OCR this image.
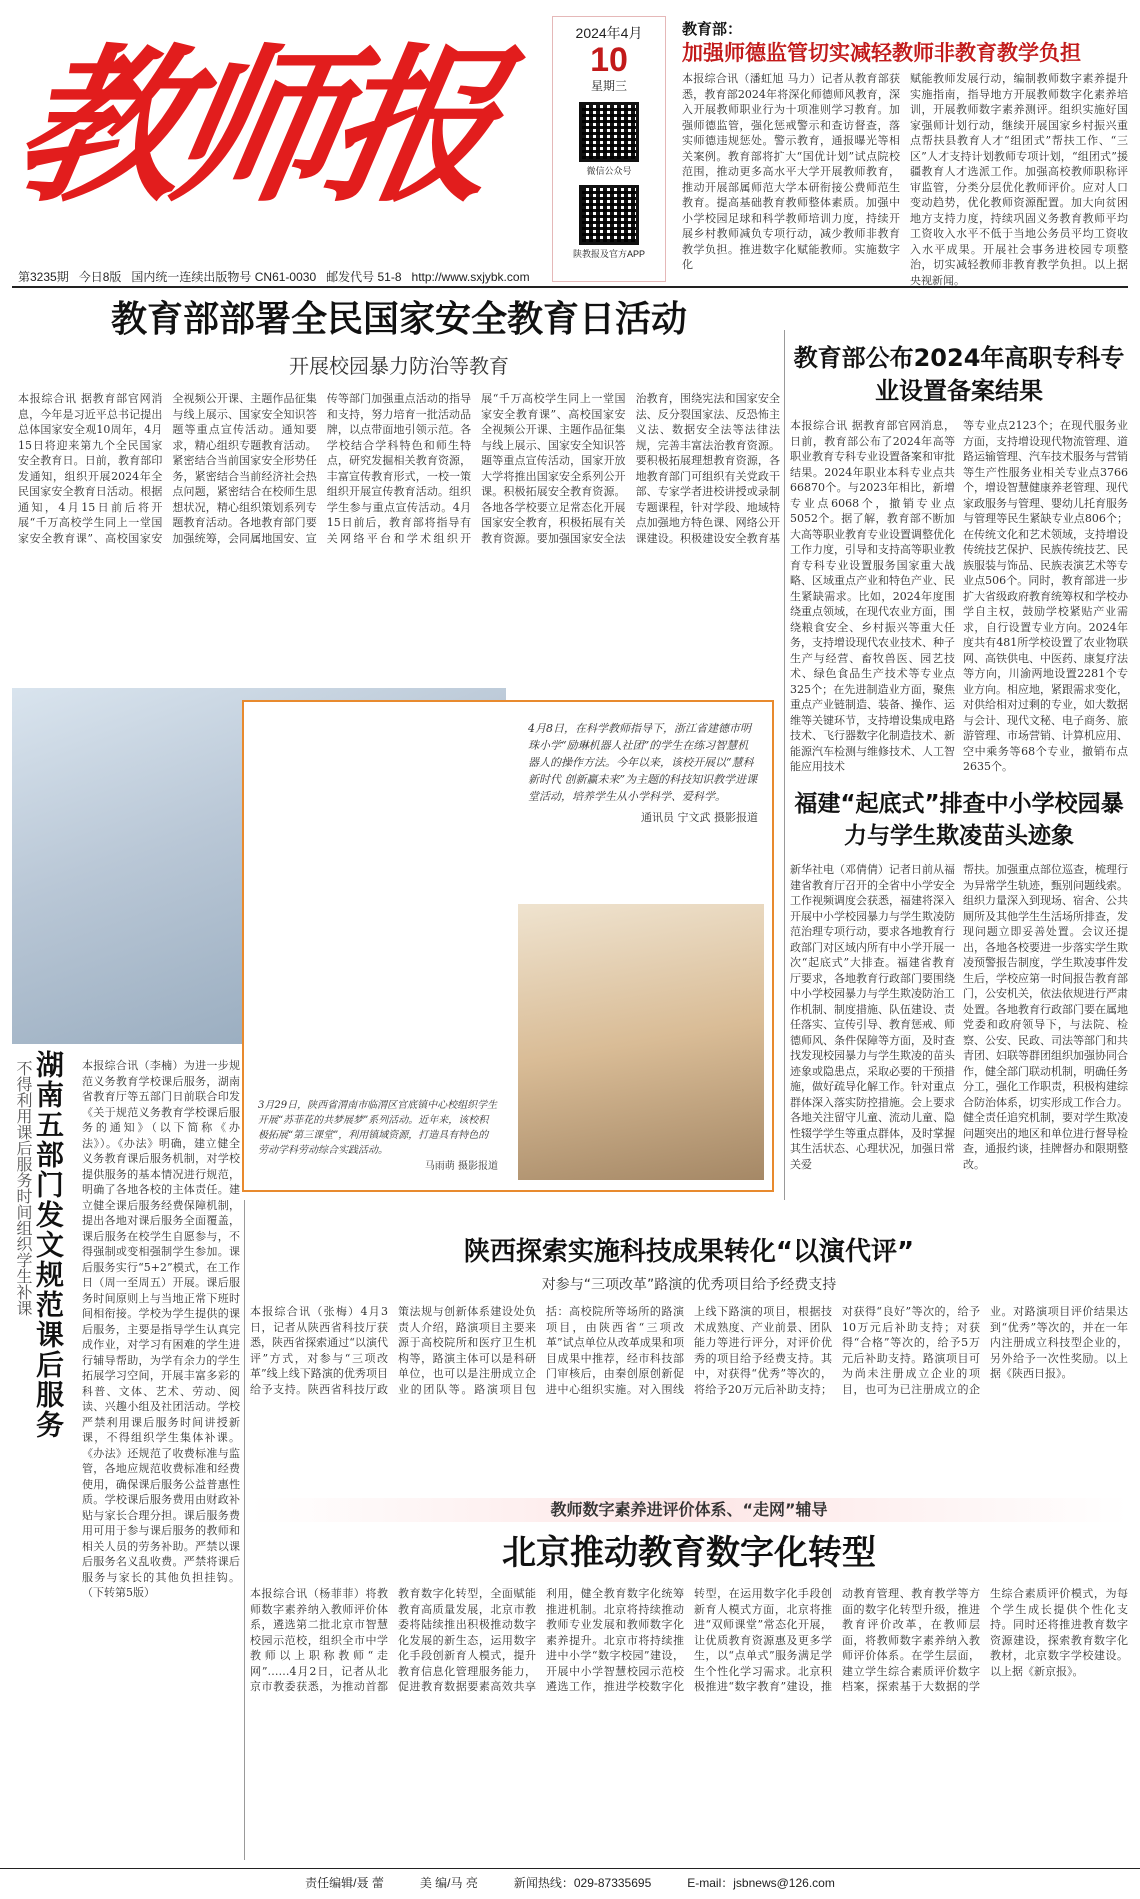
教师报	2024年4月
10
星期三
微信公众号
陕教报及官方APP
第3235期 今日8版 国内统一连续出版物号 CN61-0030 邮发代号 51-8 http://www.sxjybk.com
教育部：
加强师德监管切实减轻教师非教育教学负担
本报综合讯（潘虹旭 马力）记者从教育部获悉，教育部2024年将深化师德师风教育，深入开展教师职业行为十项准则学习教育。加强师德监管，强化惩戒警示和查访督查，落实师德违规惩处。警示教育，通报曝光等相关案例。教育部将扩大“国优计划”试点院校范围，推动更多高水平大学开展教师教育，推动开展部属师范大学本研衔接公费师范生教育。提高基础教育教师整体素质。加强中小学校园足球和科学教师培训力度，持续开展乡村教师减负专项行动，减少教师非教育教学负担。推进数字化赋能教师。实施数字化
赋能教师发展行动，编制教师数字素养提升实施指南，指导地方开展教师数字化素养培训，开展教师数字素养测评。组织实施好国家强师计划行动，继续开展国家乡村振兴重点帮扶县教育人才“组团式”帮扶工作、“三区”人才支持计划教师专项计划，“组团式”援疆教育人才选派工作。加强高校教师职称评审监管，分类分层优化教师评价。应对人口变动趋势，优化教师资源配置。加大向贫困地方支持力度，持续巩固义务教育教师平均工资收入水平不低于当地公务员平均工资收入水平成果。开展社会事务进校园专项整治，切实减轻教师非教育教学负担。以上据央视新闻。
教育部部署全民国家安全教育日活动
开展校园暴力防治等教育
本报综合讯 据教育部官网消息，今年是习近平总书记提出总体国家安全观10周年，4月15日将迎来第九个全民国家安全教育日。日前，教育部印发通知，组织开展2024年全民国家安全教育日活动。根据通知，4月15日前后将开展“千万高校学生同上一堂国家安全教育课”、高校国家安全视频公开课、主题作品征集与线上展示、国家安全知识答题等重点宣传活动。通知要求，精心组织专题教育活动。紧密结合当前国家安全形势任务，紧密结合当前经济社会热点问题，紧密结合在校师生思想状况，精心组织策划系列专题教育活动。各地教育部门要加强统筹，会同属地国安、宣传等部门加强重点活动的指导和支持，努力培育一批活动品牌，以点带面地引领示范。各学校结合学科特色和师生特点，研究发掘相关教育资源，丰富宣传教育形式，一校一策组织开展宣传教育活动。组织学生参与重点宣传活动。4月15日前后，教育部将指导有关网络平台和学术组织开展“千万高校学生同上一堂国家安全教育课”、高校国家安全视频公开课、主题作品征集与线上展示、国家安全知识答题等重点宣传活动，国家开放大学将推出国家安全系列公开课。积极拓展安全教育资源。各地各学校要立足常态化开展国家安全教育，积极拓展有关教育资源。要加强国家安全法治教育，围绕宪法和国家安全法、反分裂国家法、反恐怖主义法、数据安全法等法律法规，完善丰富法治教育资源。要积极拓展理想教育资源，各地教育部门可组织有关党政干部、专家学者进校讲授或录制专题课程，针对学段、地域特点加强地方特色课、网络公开课建设。积极建设安全教育基
4月8日，在科学教师指导下，浙江省建德市明珠小学“励琳机器人社团”的学生在练习智慧机器人的操作方法。今年以来，该校开展以“慧科新时代 创新赢未来”为主题的科技知识教学进课堂活动，培养学生从小学科学、爱科学。
通讯员 宁文武 摄影报道
3月29日，陕西省渭南市临渭区官底镇中心校组织学生开展“苏菲花的共梦展梦”系列活动。近年来，该校积极拓展“第三课堂”，利用镇域资源，打造具有特色的劳动学科劳动综合实践活动。
马雨萌 摄影报道
教育部公布2024年高职专科专业设置备案结果
本报综合讯 据教育部官网消息，日前，教育部公布了2024年高等职业教育专科专业设置备案和审批结果。2024年职业本科专业点共66870个。与2023年相比，新增专业点6068个，撤销专业点5052个。据了解，教育部不断加大高等职业教育专业设置调整优化工作力度，引导和支持高等职业教育专科专业设置服务国家重大战略、区域重点产业和特色产业、民生紧缺需求。比如，2024年度围绕重点领域，在现代农业方面，围绕粮食安全、乡村振兴等重大任务，支持增设现代农业技术、种子生产与经营、畜牧兽医、园艺技术、绿色食品生产技术等专业点325个；在先进制造业方面，聚焦重点产业链制造、装备、操作、运维等关键环节，支持增设集成电路技术、飞行器数字化制造技术、新能源汽车检测与维修技术、人工智能应用技术
等专业点2123个；在现代服务业方面，支持增设现代物流管理、道路运输管理、汽车技术服务与营销等生产性服务业相关专业点3766个，增设智慧健康养老管理、现代家政服务与管理、婴幼儿托育服务与管理等民生紧缺专业点806个；在传统文化和艺术领域，支持增设传统技艺保护、民族传统技艺、民族服装与饰品、民族表演艺术等专业点506个。同时，教育部进一步扩大省级政府教育统筹权和学校办学自主权，鼓励学校紧贴产业需求，自行设置专业方向。2024年度共有481所学校设置了农业物联网、高铁供电、中医药、康复疗法等方向，川渝两地设置2281个专业方向。相应地，紧跟需求变化，对供给相对过剩的专业，如大数据与会计、现代文秘、电子商务、旅游管理、市场营销、计算机应用、空中乘务等68个专业，撤销布点2635个。
福建“起底式”排查中小学校园暴力与学生欺凌苗头迹象
新华社电（邓倩倩）记者日前从福建省教育厅召开的全省中小学安全工作视频调度会获悉，福建将深入开展中小学校园暴力与学生欺凌防范治理专项行动，要求各地教育行政部门对区域内所有中小学开展一次“起底式”大排查。福建省教育厅要求，各地教育行政部门要围绕中小学校园暴力与学生欺凌防治工作机制、制度措施、队伍建设、责任落实、宣传引导、教育惩戒、师德师风、条件保障等方面，及时查找发现校园暴力与学生欺凌的苗头迹象或隐患点，采取必要的干预措施，做好疏导化解工作。针对重点群体深入落实防控措施。会上要求各地关注留守儿童、流动儿童、隐性辍学学生等重点群体，及时掌握其生活状态、心理状况，加强日常关爱
帮扶。加强重点部位巡查，梳理行为异常学生轨迹，甄别问题线索。组织力量深入到现场、宿舍、公共厕所及其他学生生活场所排查，发现问题立即妥善处置。会议还提出，各地各校要进一步落实学生欺凌预警报告制度，学生欺凌事件发生后，学校应第一时间报告教育部门，公安机关，依法依规进行严肃处置。各地教育行政部门要在属地党委和政府领导下，与法院、检察、公安、民政、司法等部门和共青团、妇联等群团组织加强协同合作，健全部门联动机制，明确任务分工，强化工作职责，积极构建综合防治体系，切实形成工作合力。健全责任追究机制，要对学生欺凌问题突出的地区和单位进行督导检查，通报约谈，挂牌督办和限期整改。
湖南五部门发文规范课后服务
不得利用课后服务时间组织学生补课	本报综合讯（李楠）为进一步规范义务教育学校课后服务，湖南省教育厅等五部门日前联合印发《关于规范义务教育学校课后服务的通知》（以下简称《办法》）。《办法》明确，建立健全义务教育课后服务机制，对学校提供服务的基本情况进行规范，明确了各地各校的主体责任。建立健全课后服务经费保障机制，提出各地对课后服务全面覆盖，课后服务在校学生自愿参与，不得强制或变相强制学生参加。课后服务实行“5+2”模式，在工作日（周一至周五）开展。课后服务时间原则上与当地正常下班时间相衔接。学校为学生提供的课后服务，主要是指导学生认真完成作业，对学习有困难的学生进行辅导帮助，为学有余力的学生拓展学习空间，开展丰富多彩的科普、文体、艺术、劳动、阅读、兴趣小组及社团活动。学校严禁利用课后服务时间讲授新课，不得组织学生集体补课。《办法》还规范了收费标准与监管，各地应规范收费标准和经费使用，确保课后服务公益普惠性质。学校课后服务费用由财政补贴与家长合理分担。课后服务费用可用于参与课后服务的教师和相关人员的劳务补助。严禁以课后服务名义乱收费。严禁将课后服务与家长的其他负担挂钩。（下转第5版）
陕西探索实施科技成果转化“以演代评”
对参与“三项改革”路演的优秀项目给予经费支持
本报综合讯（张梅）4月3日，记者从陕西省科技厅获悉，陕西省探索通过“以演代评”方式，对参与“三项改革”线上线下路演的优秀项目给予支持。陕西省科技厅政策法规与创新体系建设处负责人介绍，路演项目主要来源于高校院所和医疗卫生机构等，路演主体可以是科研单位，也可以是注册成立企业的团队等。路演项目包括：高校院所等场所的路演项目，由陕西省“三项改革”试点单位从改革成果和项目成果中推荐，经市科技部门审核后，由秦创原创新促进中心组织实施。对入围线上线下路演的项目，根据技术成熟度、产业前景、团队能力等进行评分，对评价优秀的项目给予经费支持。其中，对获得“优秀”等次的，将给予20万元后补助支持；对获得“良好”等次的，给予10万元后补助支持；对获得“合格”等次的，给予5万元后补助支持。路演项目可为尚未注册成立企业的项目，也可为已注册成立的企业。对路演项目评价结果达到“优秀”等次的，并在一年内注册成立科技型企业的，另外给予一次性奖励。以上据《陕西日报》。
教师数字素养进评价体系、“走网”辅导
北京推动教育数字化转型
本报综合讯（杨菲菲）将教师数字素养纳入教师评价体系，遴选第二批北京市智慧校园示范校，组织全市中学教师以上职称教师“走网”……4月2日，记者从北京市教委获悉，为推动首都教育数字化转型，全面赋能教育高质量发展，北京市教委将陆续推出积极推动数字化发展的新生态，运用数字化手段创新育人模式，提升教育信息化管理服务能力，促进教育数据要素高效共享利用，健全教育数字化统筹推进机制。北京将持续推动教师专业发展和教师数字化素养提升。北京市将持续推进中小学“数字校园”建设，开展中小学智慧校园示范校遴选工作，推进学校数字化转型，在运用数字化手段创新育人模式方面，北京将推进“双师课堂”常态化开展，让优质教育资源惠及更多学生，以“点单式”服务满足学生个性化学习需求。北京积极推进“数字教育”建设，推动教育管理、教育教学等方面的数字化转型升级，推进教育评价改革，在教师层面，将教师数字素养纳入教师评价体系。在学生层面，建立学生综合素质评价数字档案，探索基于大数据的学生综合素质评价模式，为每个学生成长提供个性化支持。同时还将推进教育数字资源建设，探索教育数字化教材，北京数字学校建设。以上据《新京报》。
责任编辑/聂 蕾	美 编/马 亮	新闻热线：029-87335695	E-mail：jsbnews@126.com
